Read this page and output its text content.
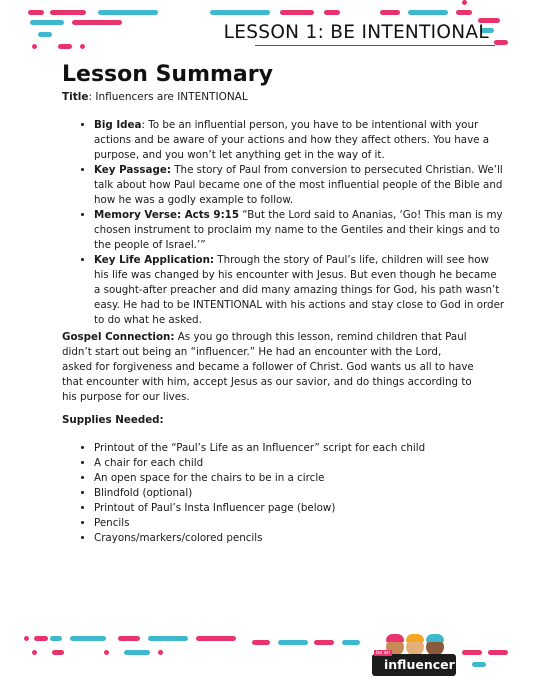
LESSON 1: BE INTENTIONAL
Lesson Summary
Title: Influencers are INTENTIONAL
• Big Idea: To be an influential person, you have to be intentional with your actions and be aware of your actions and how they affect others. You have a purpose, and you won’t let anything get in the way of it.
• Key Passage: The story of Paul from conversion to persecuted Christian. We’ll talk about how Paul became one of the most influential people of the Bible and how he was a godly example to follow.
• Memory Verse: Acts 9:15 “But the Lord said to Ananias, ‘Go! This man is my chosen instrument to proclaim my name to the Gentiles and their kings and to the people of Israel.’”
• Key Life Application: Through the story of Paul’s life, children will see how his life was changed by his encounter with Jesus. But even though he became a sought-after preacher and did many amazing things for God, his path wasn’t easy. He had to be INTENTIONAL with his actions and stay close to God in order to do what he asked.

Gospel Connection: As you go through this lesson, remind children that Paul didn’t start out being an “influencer.” He had an encounter with the Lord, asked for forgiveness and became a follower of Christ. God wants us all to have that encounter with him, accept Jesus as our savior, and do things according to his purpose for our lives.

Supplies Needed:
• Printout of the “Paul’s Life as an Influencer” script for each child
• A chair for each child
• An open space for the chairs to be in a circle
• Blindfold (optional)
• Printout of Paul’s Insta Influencer page (below)
• Pencils
• Crayons/markers/colored pencils
be an
influencer
